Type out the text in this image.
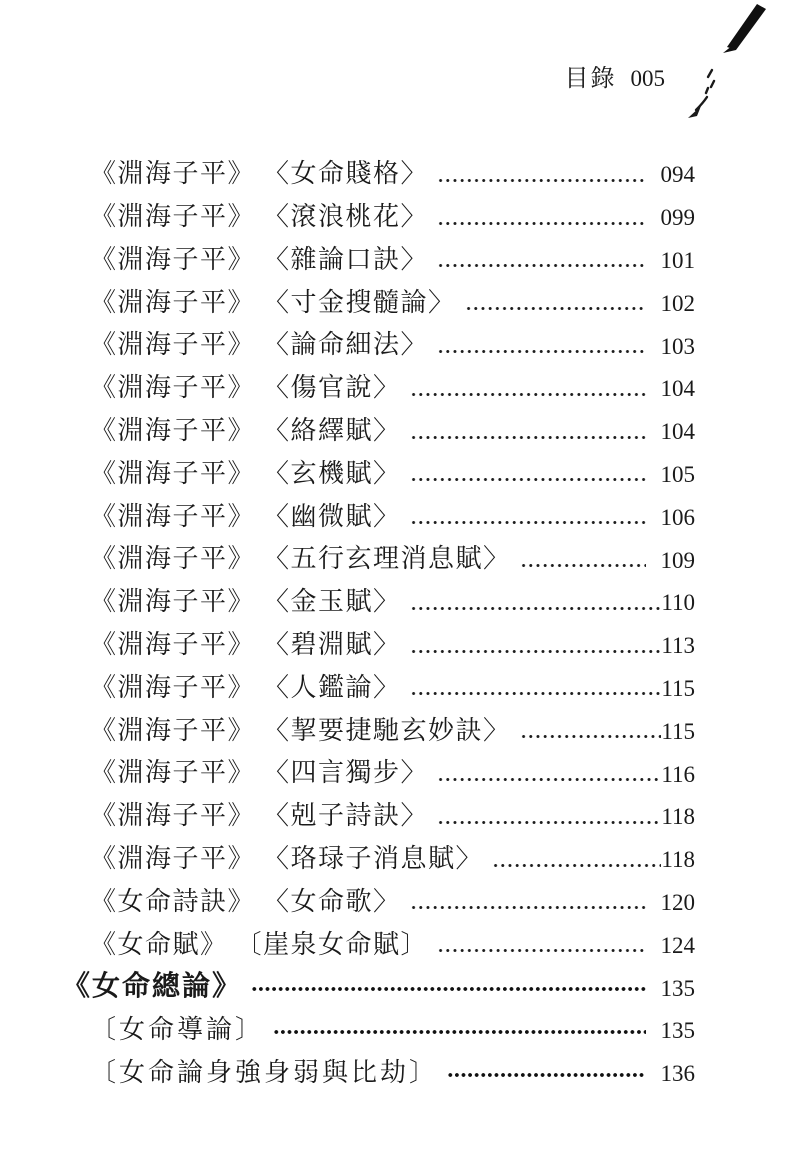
目錄 005
《淵海子平》 〈女命賤格〉	094
《淵海子平》 〈滾浪桃花〉	099
《淵海子平》 〈雜論口訣〉	101
《淵海子平》 〈寸金搜髓論〉	102
《淵海子平》 〈論命細法〉	103
《淵海子平》 〈傷官說〉	104
《淵海子平》 〈絡繹賦〉	104
《淵海子平》 〈玄機賦〉	105
《淵海子平》 〈幽微賦〉	106
《淵海子平》 〈五行玄理消息賦〉	109
《淵海子平》 〈金玉賦〉	110
《淵海子平》 〈碧淵賦〉	113
《淵海子平》 〈人鑑論〉	115
《淵海子平》 〈挈要捷馳玄妙訣〉	115
《淵海子平》 〈四言獨步〉	116
《淵海子平》 〈剋子詩訣〉	118
《淵海子平》 〈珞琭子消息賦〉	118
《女命詩訣》 〈女命歌〉	120
《女命賦》 〔崖泉女命賦〕	124
《女命總論》	135
〔女命導論〕	135
〔女命論身強身弱與比劫〕	136
